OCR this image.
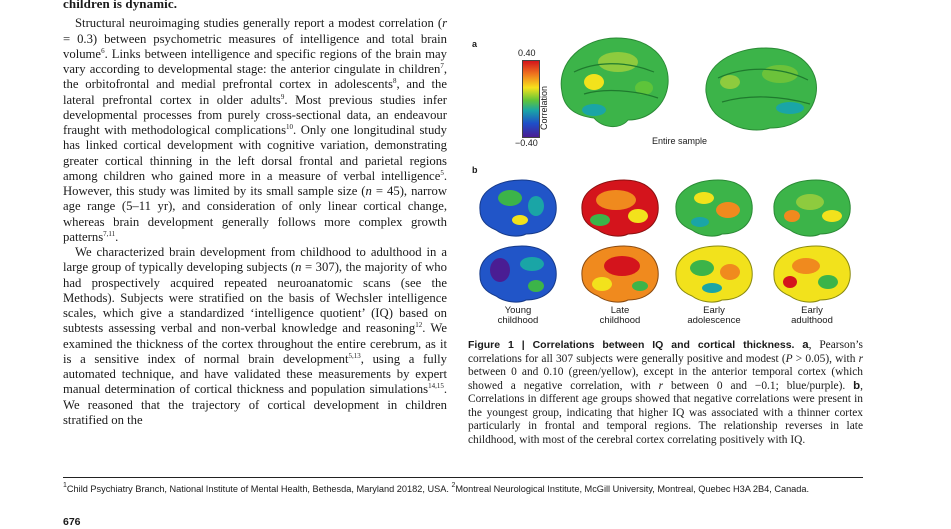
children is dynamic.

Structural neuroimaging studies generally report a modest correlation (r = 0.3) between psychometric measures of intelligence and total brain volume$^6$. Links between intelligence and specific regions of the brain may vary according to developmental stage: the anterior cingulate in children$^7$, the orbitofrontal and medial prefrontal cortex in adolescents$^8$, and the lateral prefrontal cortex in older adults$^9$. Most previous studies infer developmental processes from purely cross-sectional data, an endeavour fraught with methodological complications$^{10}$. Only one longitudinal study has linked cortical development with cognitive variation, demonstrating greater cortical thinning in the left dorsal frontal and parietal regions among children who gained more in a measure of verbal intelligence$^5$. However, this study was limited by its small sample size (n = 45), narrow age range (5–11 yr), and consideration of only linear cortical change, whereas brain development generally follows more complex growth patterns$^{7,11}$.

We characterized brain development from childhood to adulthood in a large group of typically developing subjects (n = 307), the majority of who had prospectively acquired repeated neuroanatomic scans (see the Methods). Subjects were stratified on the basis of Wechsler intelligence scales, which give a standardized ‘intelligence quotient’ (IQ) based on subtests assessing verbal and non-verbal knowledge and reasoning$^{12}$. We examined the thickness of the cortex throughout the entire cerebrum, as it is a sensitive index of normal brain development$^{5,13}$, using a fully automated technique, and have validated these measurements by expert manual determination of cortical thickness and population simulations$^{14,15}$. We reasoned that the trajectory of cortical development in children stratified on the

a
0.40
−0.40
Correlation
Entire sample
b
Young
childhood
Late
childhood
Early
adolescence
Early
adulthood
Figure 1 | Correlations between IQ and cortical thickness. a, Pearson’s correlations for all 307 subjects were generally positive and modest (P > 0.05), with r between 0 and 0.10 (green/yellow), except in the anterior temporal cortex (which showed a negative correlation, with r between 0 and −0.1; blue/purple). b, Correlations in different age groups showed that negative correlations were present in the youngest group, indicating that higher IQ was associated with a thinner cortex particularly in frontal and temporal regions. The relationship reverses in late childhood, with most of the cerebral cortex correlating positively with IQ.
$^1$Child Psychiatry Branch, National Institute of Mental Health, Bethesda, Maryland 20182, USA. $^2$Montreal Neurological Institute, McGill University, Montreal, Quebec H3A 2B4, Canada.
676
